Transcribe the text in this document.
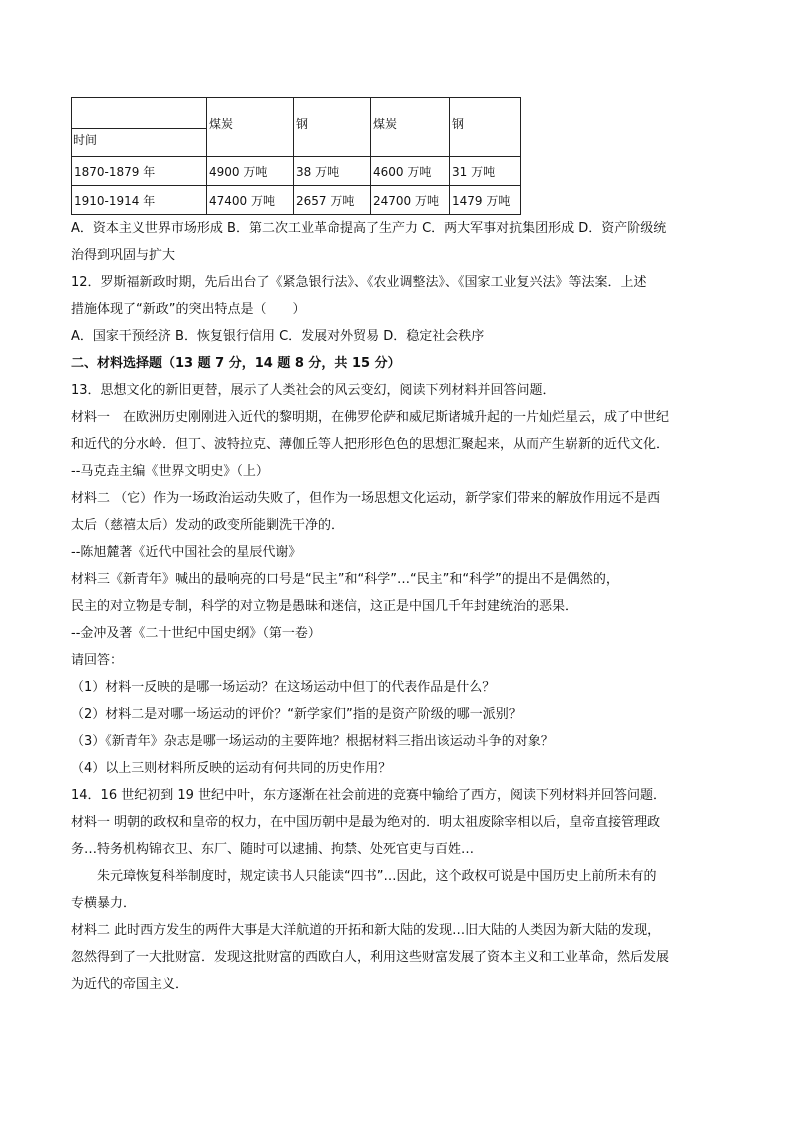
时间	煤炭	钢	煤炭	钢

1870-1879 年	4900 万吨	38 万吨	4600 万吨	31 万吨
1910-1914 年	47400 万吨	2657 万吨	24700 万吨	1479 万吨
A．资本主义世界市场形成 B．第二次工业革命提高了生产力 C．两大军事对抗集团形成 D．资产阶级统
治得到巩固与扩大
12．罗斯福新政时期，先后出台了《紧急银行法》、《农业调整法》、《国家工业复兴法》等法案．上述
措施体现了“新政”的突出特点是（　　）
A．国家干预经济 B．恢复银行信用 C．发展对外贸易 D．稳定社会秩序
二、材料选择题（13 题 7 分，14 题 8 分，共 15 分）
13．思想文化的新旧更替，展示了人类社会的风云变幻，阅读下列材料并回答问题．
材料一　在欧洲历史刚刚进入近代的黎明期，在佛罗伦萨和威尼斯诸城升起的一片灿烂星云，成了中世纪
和近代的分水岭．但丁、波特拉克、薄伽丘等人把形形色色的思想汇聚起来，从而产生崭新的近代文化．
--马克垚主编《世界文明史》（上）
材料二 （它）作为一场政治运动失败了，但作为一场思想文化运动，新学家们带来的解放作用远不是西
太后（慈禧太后）发动的政变所能剿洗干净的．
--陈旭麓著《近代中国社会的星辰代谢》
材料三《新青年》喊出的最响亮的口号是“民主”和“科学”…“民主”和“科学”的提出不是偶然的，
民主的对立物是专制，科学的对立物是愚昧和迷信，这正是中国几千年封建统治的恶果．
--金冲及著《二十世纪中国史纲》（第一卷）
请回答：
（1）材料一反映的是哪一场运动？在这场运动中但丁的代表作品是什么？
（2）材料二是对哪一场运动的评价？“新学家们”指的是资产阶级的哪一派别？
（3）《新青年》杂志是哪一场运动的主要阵地？根据材料三指出该运动斗争的对象？
（4）以上三则材料所反映的运动有何共同的历史作用？
14．16 世纪初到 19 世纪中叶，东方逐渐在社会前进的竞赛中输给了西方，阅读下列材料并回答问题．
材料一 明朝的政权和皇帝的权力，在中国历朝中是最为绝对的．明太祖废除宰相以后，皇帝直接管理政
务…特务机构锦衣卫、东厂、随时可以逮捕、拘禁、处死官吏与百姓…
　　朱元璋恢复科举制度时，规定读书人只能读“四书”…因此，这个政权可说是中国历史上前所未有的
专横暴力．
材料二 此时西方发生的两件大事是大洋航道的开拓和新大陆的发现…旧大陆的人类因为新大陆的发现，
忽然得到了一大批财富．发现这批财富的西欧白人，利用这些财富发展了资本主义和工业革命，然后发展
为近代的帝国主义．
